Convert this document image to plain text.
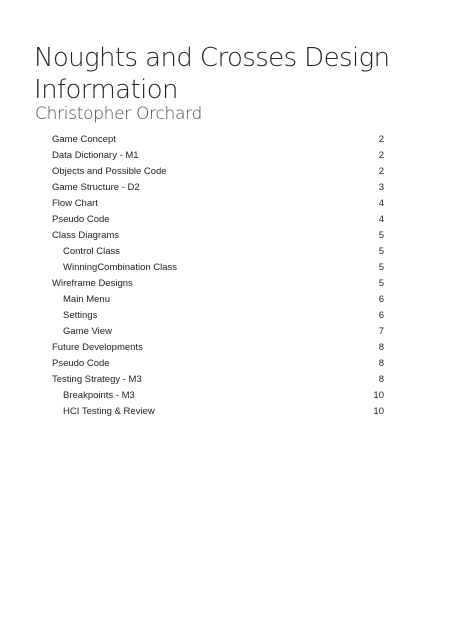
Noughts and Crosses Design Information
Christopher Orchard
Game Concept	2
Data Dictionary - M1	2
Objects and Possible Code	2
Game Structure - D2	3
Flow Chart	4
Pseudo Code	4
Class Diagrams	5
Control Class	5
WinningCombination Class	5
Wireframe Designs	5
Main Menu	6
Settings	6
Game View	7
Future Developments	8
Pseudo Code	8
Testing Strategy - M3	8
Breakpoints - M3	10
HCI Testing & Review	10
